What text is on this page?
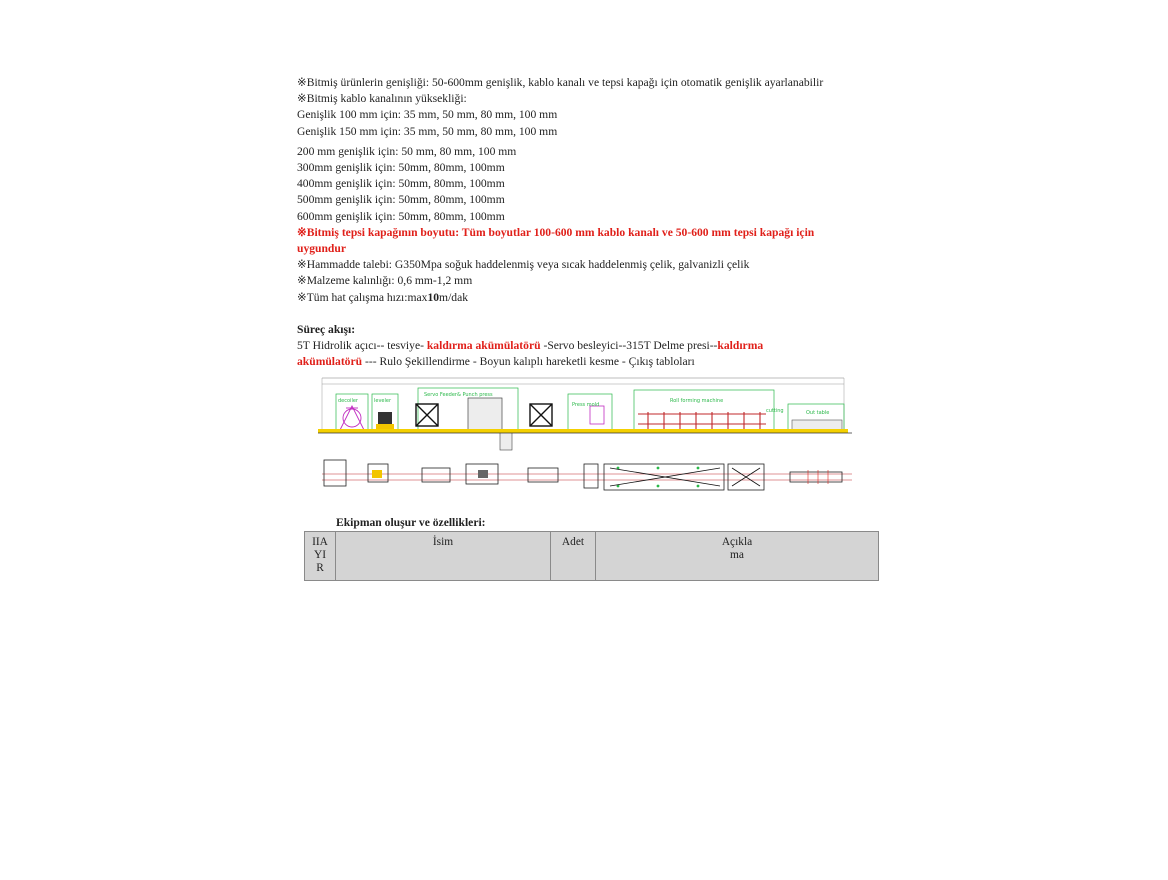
※Bitmiş ürünlerin genişliği: 50-600mm genişlik, kablo kanalı ve tepsi kapağı için otomatik genişlik ayarlanabilir

※Bitmiş kablo kanalının yüksekliği:

Genişlik 100 mm için: 35 mm, 50 mm, 80 mm, 100 mm

Genişlik 150 mm için: 35 mm, 50 mm, 80 mm, 100 mm

200 mm genişlik için: 50 mm, 80 mm, 100 mm

300mm genişlik için: 50mm, 80mm, 100mm

400mm genişlik için: 50mm, 80mm, 100mm

500mm genişlik için: 50mm, 80mm, 100mm

600mm genişlik için: 50mm, 80mm, 100mm

※Bitmiş tepsi kapağının boyutu: Tüm boyutlar 100-600 mm kablo kanalı ve 50-600 mm tepsi kapağı için

uygundur

※Hammadde talebi: G350Mpa soğuk haddelenmiş veya sıcak haddelenmiş çelik, galvanizli çelik

※Malzeme kalınlığı: 0,6 mm-1,2 mm

※Tüm hat çalışma hızı:max10m/dak

Süreç akışı:

5T Hidrolik açıcı-- tesviye- kaldırma akümülatörü -Servo besleyici--315T Delme presi--kaldırma

akümülatörü --- Rulo Şekillendirme - Boyun kalıplı hareketli kesme - Çıkış tabloları

decoiler	leveler
Servo Feeder& Punch press
Press mold
Roll forming machine
cutting	Out table
Ekipman oluşur ve özellikleri:
IIA
YI
R	İsim	Adet	Açıkla
ma
